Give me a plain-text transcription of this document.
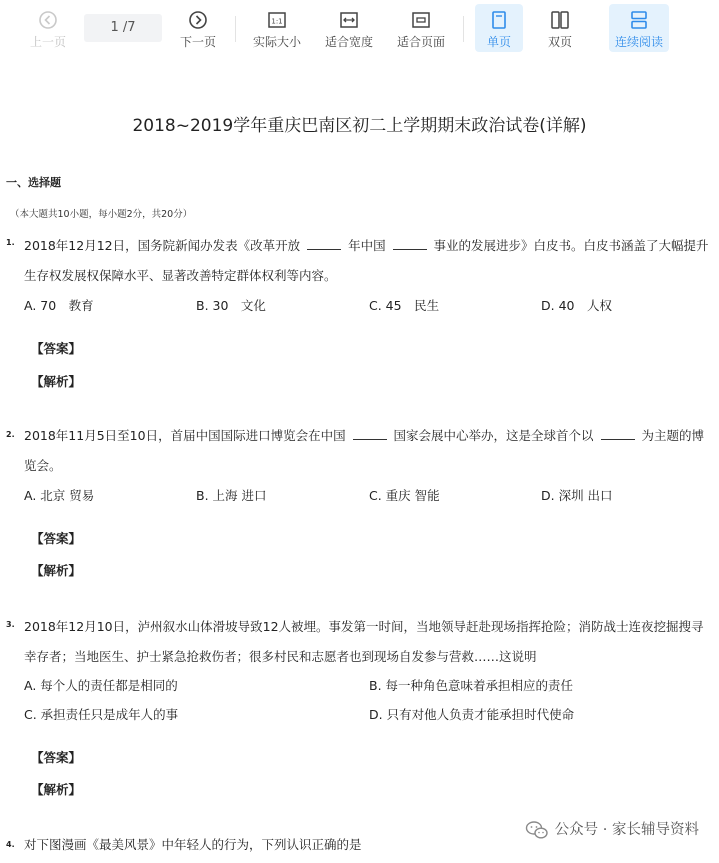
上一页
1 /7
下一页
1:1
实际大小	适合宽度	适合页面	单页	双页	连续阅读
2018~2019学年重庆巴南区初二上学期期末政治试卷(详解)
一、选择题
（本大题共10小题，每小题2分，共20分）
1. 2018年12月12日，国务院新闻办发表《改革开放	年中国	事业的发展进步》白皮书。白皮书涵盖了大幅提升生存权发展权保障水平、显著改善特定群体权利等内容。
A. 70　教育	B. 30　文化	C. 45　民生	D. 40　人权
【答案】
【解析】
2. 2018年11月5日至10日，首届中国国际进口博览会在中国	国家会展中心举办，这是全球首个以	为主题的博览会。
A. 北京 贸易	B. 上海 进口	C. 重庆 智能	D. 深圳 出口
【答案】
【解析】
3. 2018年12月10日，泸州叙水山体滑坡导致12人被埋。事发第一时间，当地领导赶赴现场指挥抢险；消防战士连夜挖掘搜寻幸存者；当地医生、护士紧急抢救伤者；很多村民和志愿者也到现场自发参与营救……这说明
A. 每个人的责任都是相同的	B. 每一种角色意味着承担相应的责任
C. 承担责任只是成年人的事	D. 只有对他人负责才能承担时代使命
【答案】
【解析】
4. 对下图漫画《最美风景》中年轻人的行为，下列认识正确的是
公众号 · 家长辅导资料
